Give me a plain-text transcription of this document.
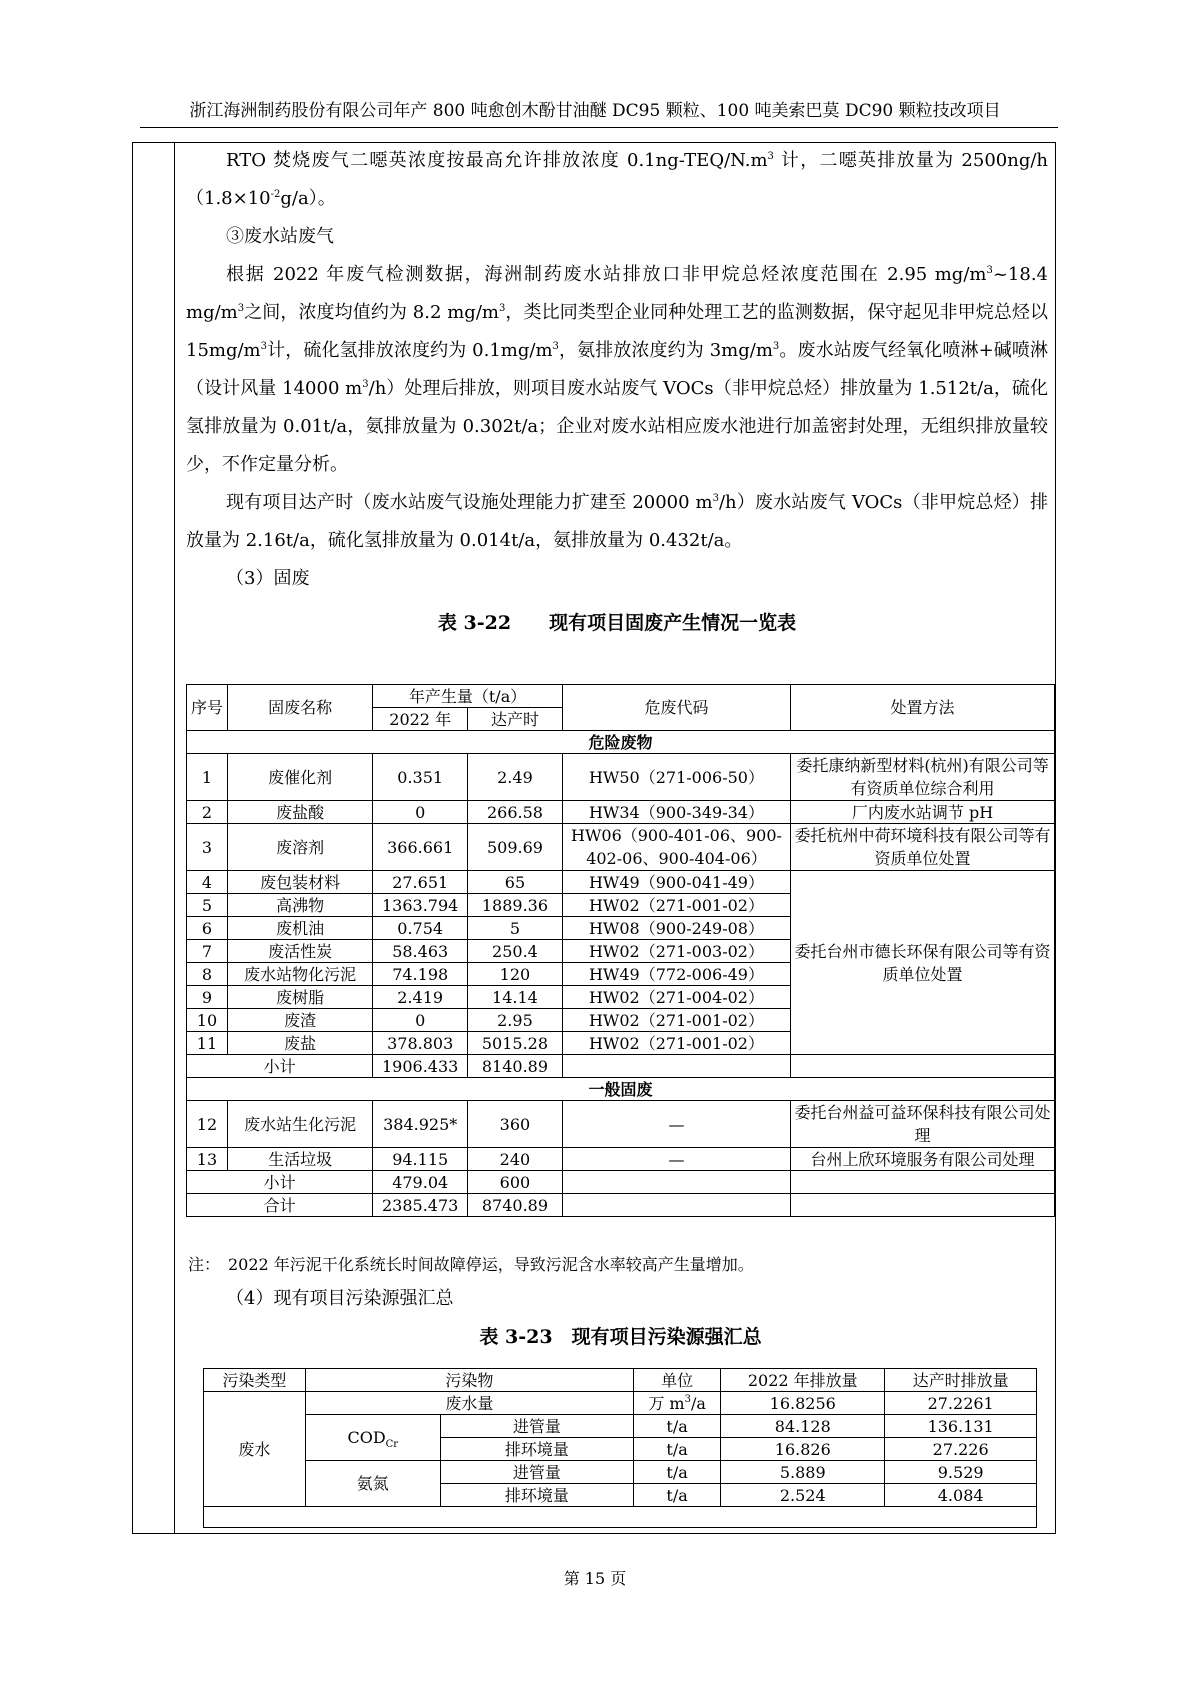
浙江海洲制药股份有限公司年产 800 吨愈创木酚甘油醚 DC95 颗粒、100 吨美索巴莫 DC90 颗粒技改项目

RTO 焚烧废气二噁英浓度按最高允许排放浓度 $0.1ng-TEQ/N.m^3$ 计，二噁英排放量为 $2500ng/h(1.8\times 10^{-2}g/a)$。

③废水站废气

根据 2022 年废气检测数据，海洲制药废水站排放口非甲烷总烃浓度范围在 2.95 $mg/m^3\sim 18.4$ $mg/m^3$之间，浓度均值约为 8.2 $mg/m^3$，类比同类型企业同种处理工艺的监测数据，保守起见非甲烷总烃以 $15mg/m^3$计，硫化氢排放浓度约为 $0.1mg/m^3$，氨排放浓度约为 $3mg/m^3$。废水站废气经氧化喷淋+碱喷淋（设计风量 14000 $m^3/h$）处理后排放，则项目废水站废气 VOCs（非甲烷总烃）排放量为 1.512t/a，硫化氢排放量为 0.01t/a，氨排放量为 0.302t/a；企业对废水站相应废水池进行加盖密封处理，无组织排放量较少，不作定量分析。

现有项目达产时（废水站废气设施处理能力扩建至 20000 $m^3/h$）废水站废气 VOCs（非甲烷总烃）排放量为 2.16t/a，硫化氢排放量为 0.014t/a，氨排放量为 0.432t/a。

（3）固废

表 3-22　　现有项目固废产生情况一览表

序号	固废名称	年产生量（t/a）		危废代码	处置方法
		2022 年	达产时		
危险废物					
1	废催化剂	0.351	2.49	HW50（271-006-50）	委托康纳新型材料(杭州)有限公司等有资质单位综合利用
2	废盐酸	0	266.58	HW34（900-349-34）	厂内废水站调节 pH
3	废溶剂	366.661	509.69	HW06（900-401-06、900-402-06、900-404-06）	委托杭州中荷环境科技有限公司等有资质单位处置
4	废包装材料	27.651	65	HW49（900-041-49）	委托台州市德长环保有限公司等有资质单位处置
5	高沸物	1363.794	1889.36	HW02（271-001-02）	
6	废机油	0.754	5	HW08（900-249-08）	
7	废活性炭	58.463	250.4	HW02（271-003-02）	
8	废水站物化污泥	74.198	120	HW49（772-006-49）	
9	废树脂	2.419	14.14	HW02（271-004-02）	
10	废渣	0	2.95	HW02（271-001-02）	
11	废盐	378.803	5015.28	HW02（271-001-02）	
小计		1906.433	8140.89		
一般固废					
12	废水站生化污泥	384.925*	360	—	委托台州益可益环保科技有限公司处理
13	生活垃圾	94.115	240	—	台州上欣环境服务有限公司处理
小计		479.04	600		
合计		2385.473	8740.89		
注：　2022 年污泥干化系统长时间故障停运，导致污泥含水率较高产生量增加。
（4）现有项目污染源强汇总
表 3-23　现有项目污染源强汇总
污染类型	污染物		单位	2022 年排放量	达产时排放量
废水	废水量		万 $m^3/a$	16.8256	27.2261
	$COD_{Cr}$	进管量	t/a	84.128	136.131
		排环境量	t/a	16.826	27.226
	氨氮	进管量	t/a	5.889	9.529
		排环境量	t/a	2.524	4.084

第 15 页
